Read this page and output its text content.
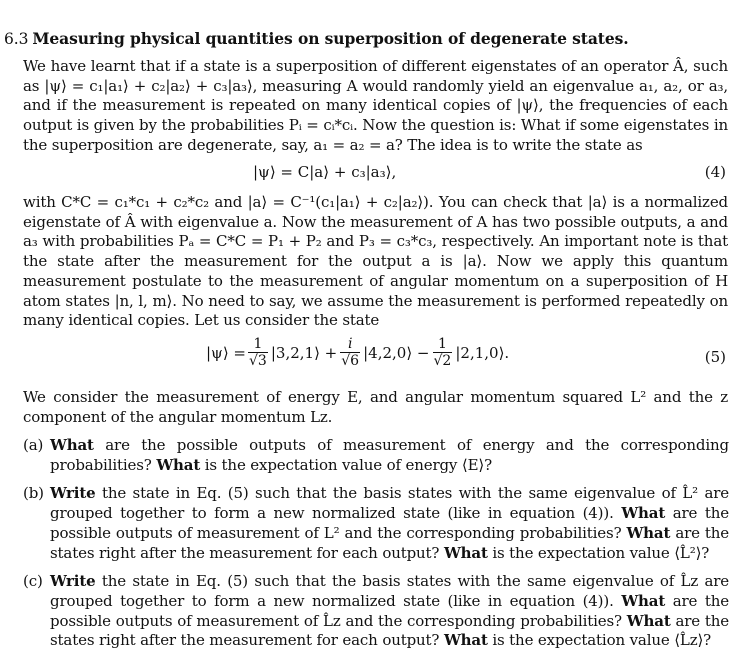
6.3 Measuring physical quantities on superposition of degenerate states.
We have learnt that if a state is a superposition of different eigenstates of an operator Â, such as |ψ⟩ = c₁|a₁⟩ + c₂|a₂⟩ + c₃|a₃⟩, measuring A would randomly yield an eigenvalue a₁, a₂, or a₃, and if the measurement is repeated on many identical copies of |ψ⟩, the frequencies of each output is given by the probabilities Pᵢ = cᵢ*cᵢ. Now the question is: What if some eigenstates in the superposition are degenerate, say, a₁ = a₂ = a? The idea is to write the state as
|ψ⟩ = C|a⟩ + c₃|a₃⟩,	(4)
with C*C = c₁*c₁ + c₂*c₂ and |a⟩ = C⁻¹(c₁|a₁⟩ + c₂|a₂⟩). You can check that |a⟩ is a normalized eigenstate of Â with eigenvalue a. Now the measurement of A has two possible outputs, a and a₃ with probabilities Pₐ = C*C = P₁ + P₂ and P₃ = c₃*c₃, respectively. An important note is that the state after the measurement for the output a is |a⟩. Now we apply this quantum measurement postulate to the measurement of angular momentum on a superposition of H atom states |n, l, m⟩. No need to say, we assume the measurement is performed repeatedly on many identical copies. Let us consider the state
|ψ⟩ = $\frac{1}{√3}$ |3,2,1⟩ + $\frac{i}{√6}$ |4,2,0⟩ − $\frac{1}{√2}$ |2,1,0⟩.	(5)
We consider the measurement of energy E, and angular momentum squared L² and the z component of the angular momentum Lz.
(a) What are the possible outputs of measurement of energy and the corresponding probabilities? What is the expectation value of energy ⟨E⟩?
(b) Write the state in Eq. (5) such that the basis states with the same eigenvalue of L̂² are grouped together to form a new normalized state (like in equation (4)). What are the possible outputs of measurement of L² and the corresponding probabilities? What are the states right after the measurement for each output? What is the expectation value ⟨L̂²⟩?
(c) Write the state in Eq. (5) such that the basis states with the same eigenvalue of L̂z are grouped together to form a new normalized state (like in equation (4)). What are the possible outputs of measurement of L̂z and the corresponding probabilities? What are the states right after the measurement for each output? What is the expectation value ⟨L̂z⟩?
